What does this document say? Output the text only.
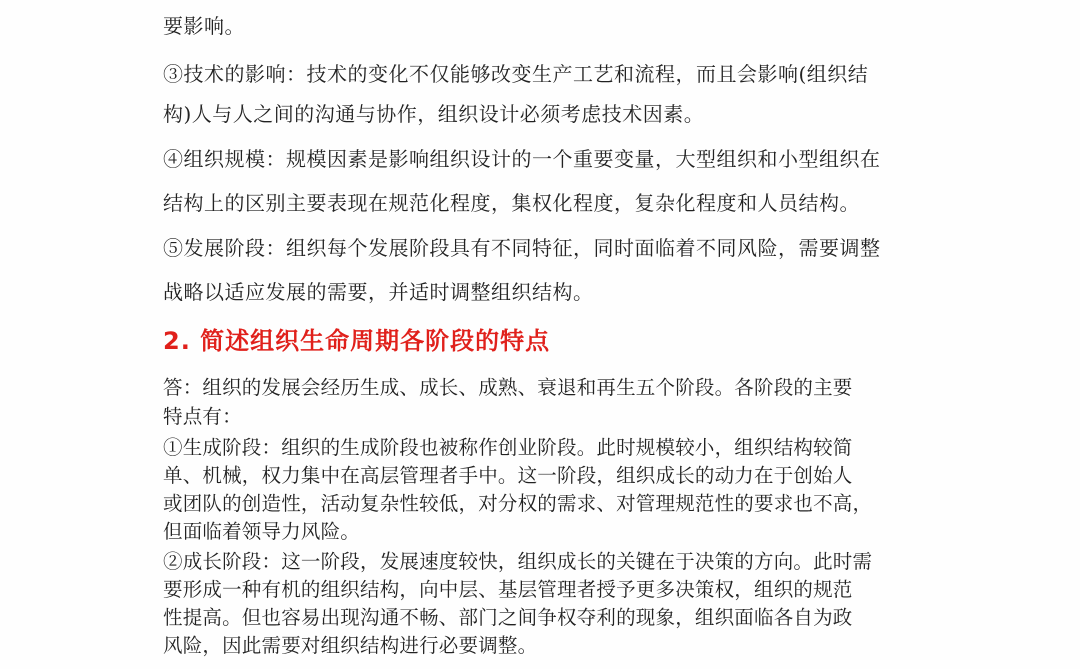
要影响。
③技术的影响：技术的变化不仅能够改变生产工艺和流程，而且会影响(组织结
构)人与人之间的沟通与协作，组织设计必须考虑技术因素。
④组织规模：规模因素是影响组织设计的一个重要变量，大型组织和小型组织在
结构上的区别主要表现在规范化程度，集权化程度，复杂化程度和人员结构。
⑤发展阶段：组织每个发展阶段具有不同特征，同时面临着不同风险，需要调整
战略以适应发展的需要，并适时调整组织结构。
2. 简述组织生命周期各阶段的特点
答：组织的发展会经历生成、成长、成熟、衰退和再生五个阶段。各阶段的主要
特点有：
①生成阶段：组织的生成阶段也被称作创业阶段。此时规模较小，组织结构较简
单、机械，权力集中在高层管理者手中。这一阶段，组织成长的动力在于创始人
或团队的创造性，活动复杂性较低，对分权的需求、对管理规范性的要求也不高，
但面临着领导力风险。
②成长阶段：这一阶段，发展速度较快，组织成长的关键在于决策的方向。此时需
要形成一种有机的组织结构，向中层、基层管理者授予更多决策权，组织的规范
性提高。但也容易出现沟通不畅、部门之间争权夺利的现象，组织面临各自为政
风险，因此需要对组织结构进行必要调整。
